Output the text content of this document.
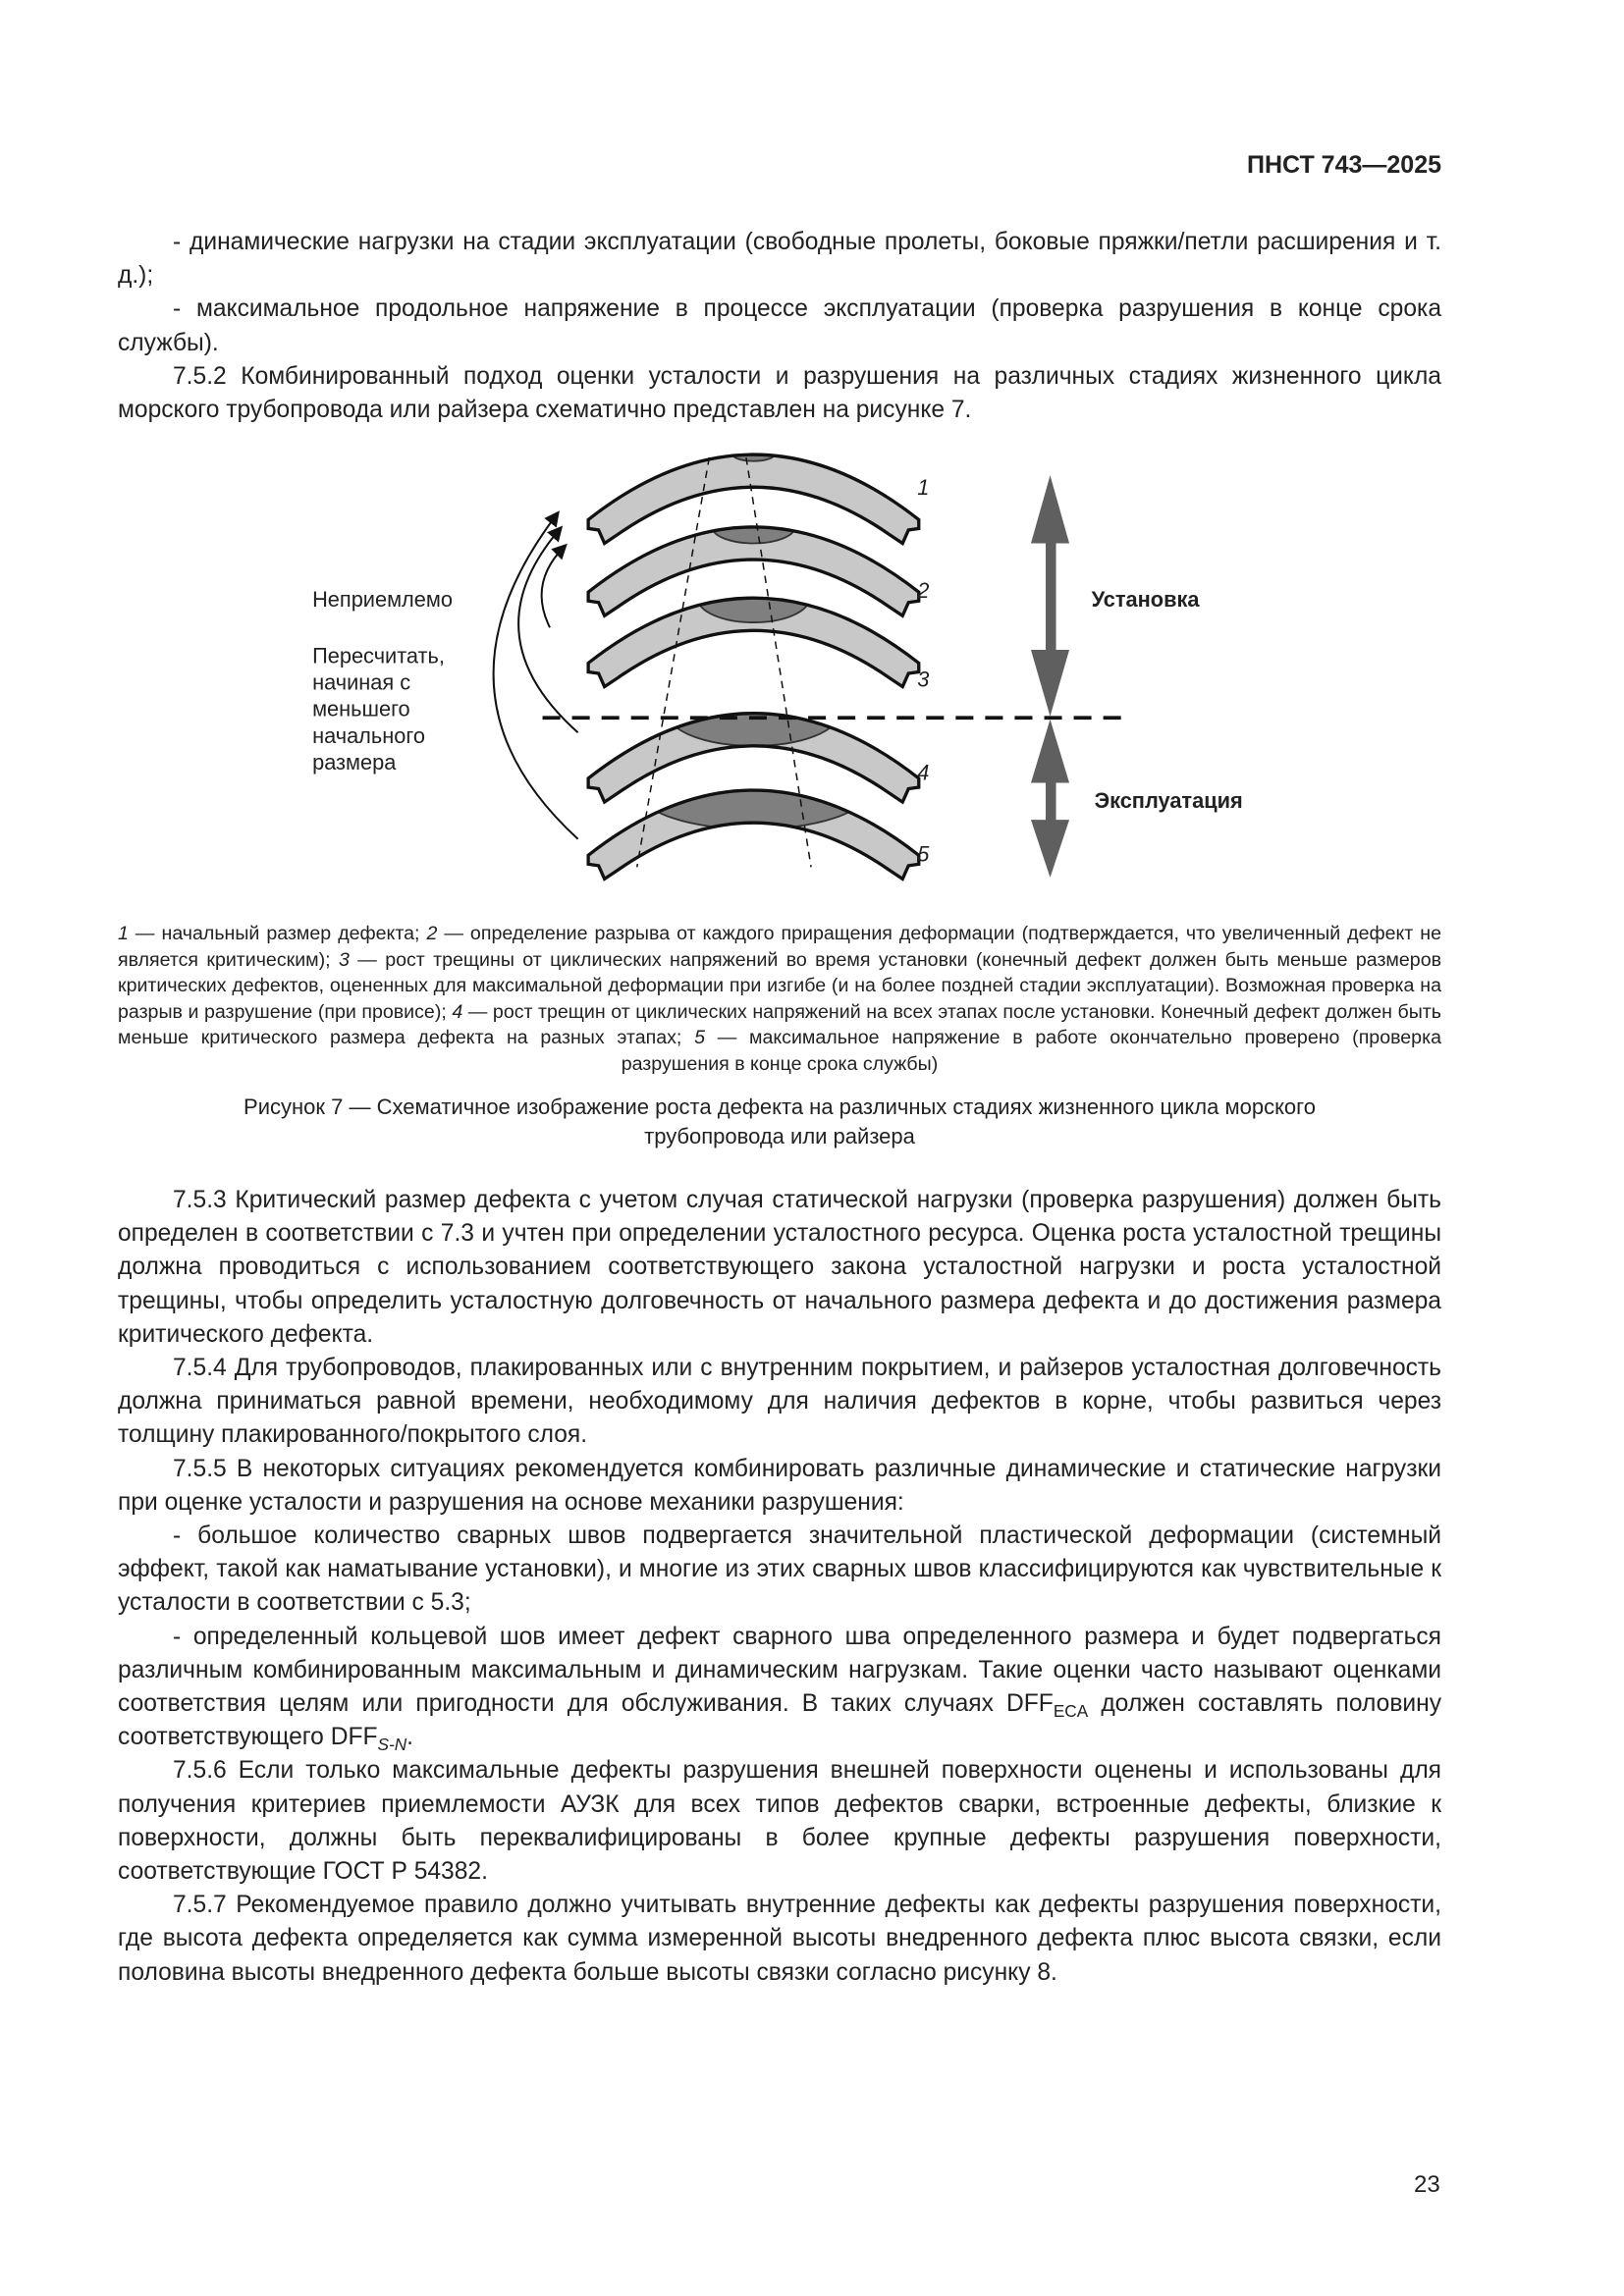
ПНСТ 743—2025

- динамические нагрузки на стадии эксплуатации (свободные пролеты, боковые пряжки/петли расширения и т. д.);

- максимальное продольное напряжение в процессе эксплуатации (проверка разрушения в конце срока службы).

7.5.2 Комбинированный подход оценки усталости и разрушения на различных стадиях жизненного цикла морского трубопровода или райзера схематично представлен на рисунке 7.

Неприемлемо
Пересчитать,
начиная с
меньшего
начального
размера
Установка
Эксплуатация
1
2
3
4
5
1 — начальный размер дефекта; 2 — определение разрыва от каждого приращения деформации (подтверждается, что увеличенный дефект не является критическим); 3 — рост трещины от циклических напряжений во время установки (конечный дефект должен быть меньше размеров критических дефектов, оцененных для максимальной деформации при изгибе (и на более поздней стадии эксплуатации). Возможная проверка на разрыв и разрушение (при провисе); 4 — рост трещин от циклических напряжений на всех этапах после установки. Конечный дефект должен быть меньше критического размера дефекта на разных этапах; 5 — максимальное напряжение в работе окончательно проверено (проверка разрушения в конце срока службы)
Рисунок 7 — Схематичное изображение роста дефекта на различных стадиях жизненного цикла морского
трубопровода или райзера

7.5.3 Критический размер дефекта с учетом случая статической нагрузки (проверка разрушения) должен быть определен в соответствии с 7.3 и учтен при определении усталостного ресурса. Оценка роста усталостной трещины должна проводиться с использованием соответствующего закона усталостной нагрузки и роста усталостной трещины, чтобы определить усталостную долговечность от начального размера дефекта и до достижения размера критического дефекта.

7.5.4 Для трубопроводов, плакированных или с внутренним покрытием, и райзеров усталостная долговечность должна приниматься равной времени, необходимому для наличия дефектов в корне, чтобы развиться через толщину плакированного/покрытого слоя.

7.5.5 В некоторых ситуациях рекомендуется комбинировать различные динамические и статические нагрузки при оценке усталости и разрушения на основе механики разрушения:

- большое количество сварных швов подвергается значительной пластической деформации (системный эффект, такой как наматывание установки), и многие из этих сварных швов классифицируются как чувствительные к усталости в соответствии с 5.3;

- определенный кольцевой шов имеет дефект сварного шва определенного размера и будет подвергаться различным комбинированным максимальным и динамическим нагрузкам. Такие оценки часто называют оценками соответствия целям или пригодности для обслуживания. В таких случаях $DFF_{ECA}$ должен составлять половину соответствующего $DFF_{S-N}$.

7.5.6 Если только максимальные дефекты разрушения внешней поверхности оценены и использованы для получения критериев приемлемости АУЗК для всех типов дефектов сварки, встроенные дефекты, близкие к поверхности, должны быть переквалифицированы в более крупные дефекты разрушения поверхности, соответствующие ГОСТ Р 54382.

7.5.7 Рекомендуемое правило должно учитывать внутренние дефекты как дефекты разрушения поверхности, где высота дефекта определяется как сумма измеренной высоты внедренного дефекта плюс высота связки, если половина высоты внедренного дефекта больше высоты связки согласно рисунку 8.

23
